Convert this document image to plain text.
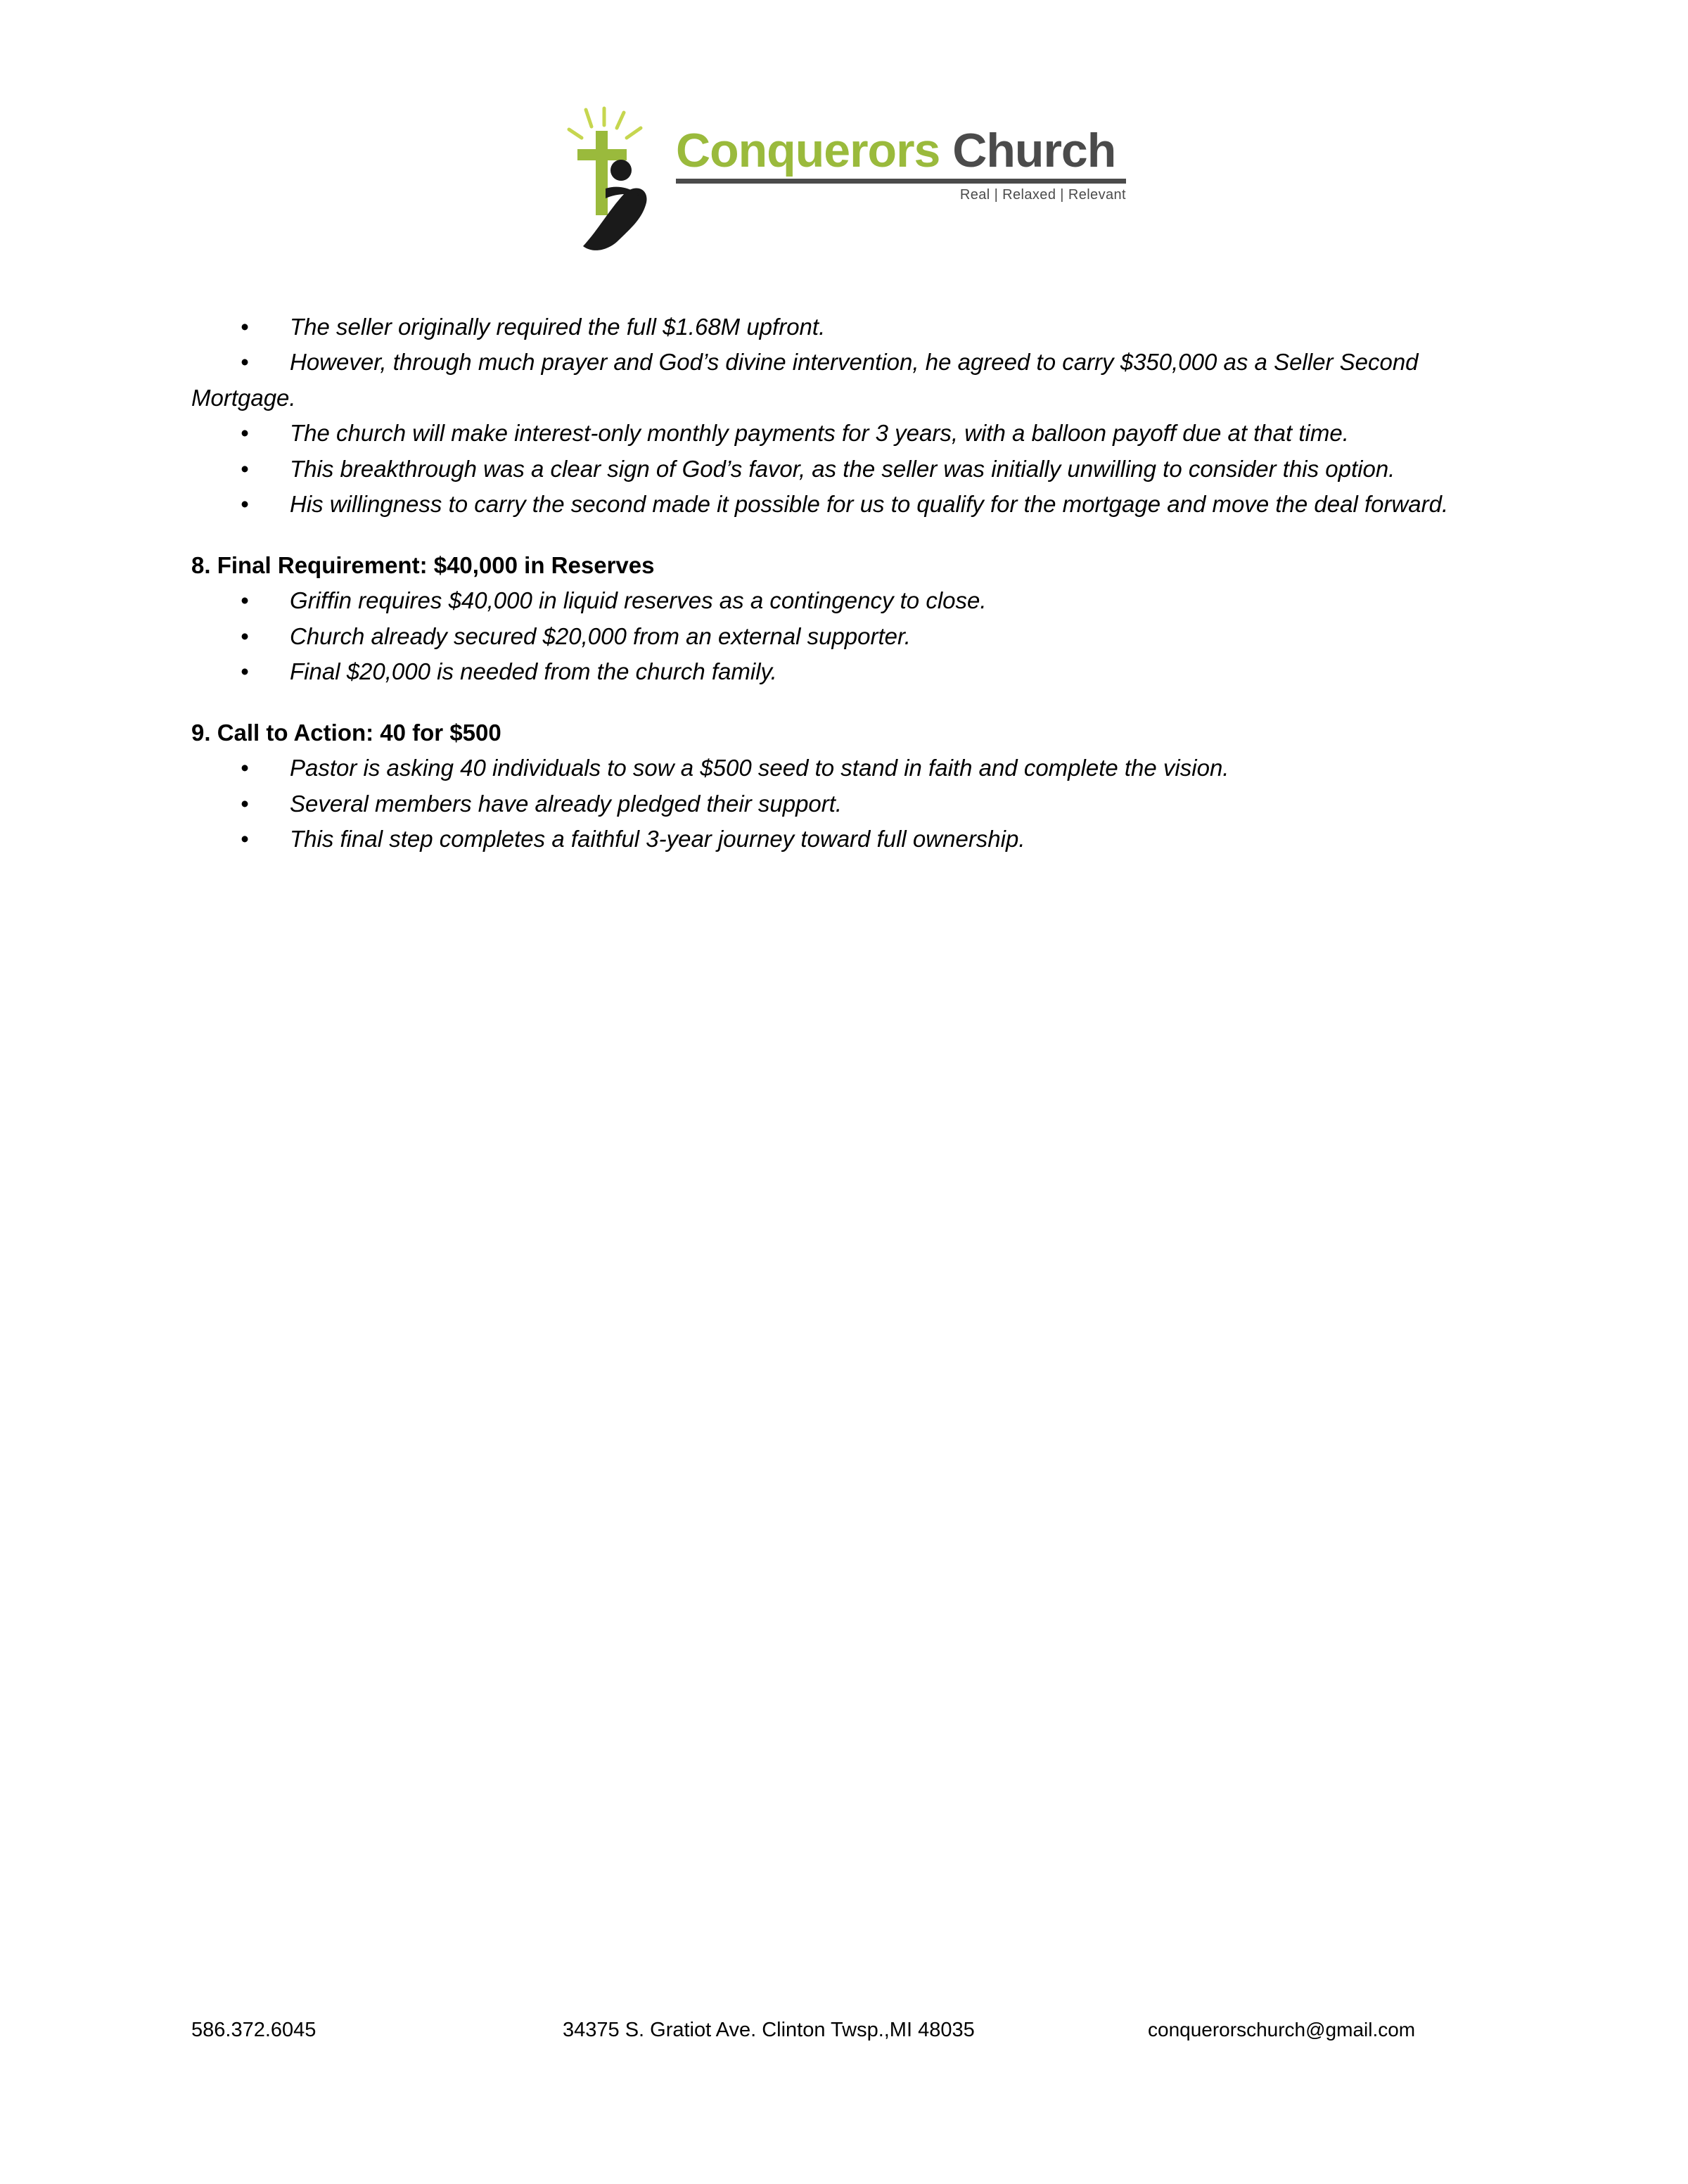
Conquerors Church
Real | Relaxed | Relevant

• The seller originally required the full $1.68M upfront.

• However, through much prayer and God’s divine intervention, he agreed to carry $350,000 as a Seller Second Mortgage.

• The church will make interest-only monthly payments for 3 years, with a balloon payoff due at that time.

• This breakthrough was a clear sign of God’s favor, as the seller was initially unwilling to consider this option.

• His willingness to carry the second made it possible for us to qualify for the mortgage and move the deal forward.

8. Final Requirement: $40,000 in Reserves

• Griffin requires $40,000 in liquid reserves as a contingency to close.

• Church already secured $20,000 from an external supporter.

• Final $20,000 is needed from the church family.

9. Call to Action: 40 for $500

• Pastor is asking 40 individuals to sow a $500 seed to stand in faith and complete the vision.

• Several members have already pledged their support.

• This final step completes a faithful 3-year journey toward full ownership.

586.372.6045	34375 S. Gratiot Ave. Clinton Twsp.,MI 48035	conquerorschurch@gmail.com
